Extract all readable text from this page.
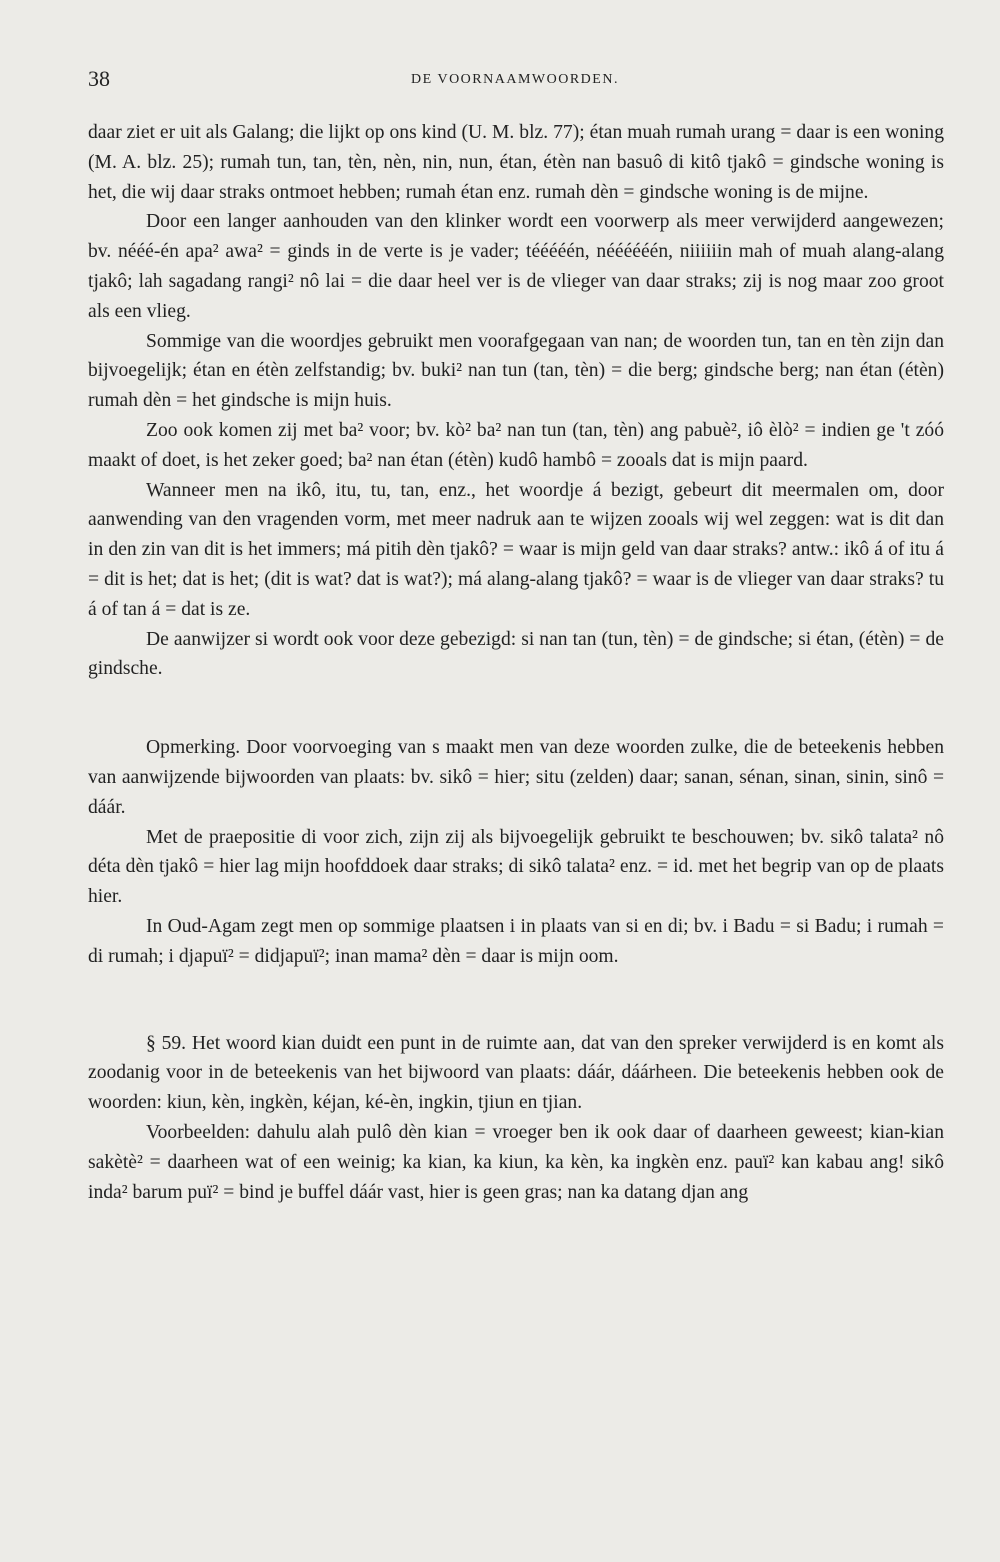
38	DE VOORNAAMWOORDEN.

daar ziet er uit als Galang; die lijkt op ons kind (U. M. blz. 77); étan muah rumah urang = daar is een woning (M. A. blz. 25); rumah tun, tan, tèn, nèn, nin, nun, étan, étèn nan basuô di kitô tjakô = gindsche woning is het, die wij daar straks ontmoet hebben; rumah étan enz. rumah dèn = gindsche woning is de mijne.

Door een langer aanhouden van den klinker wordt een voorwerp als meer verwijderd aangewezen; bv. nééé-én apa² awa² = ginds in de verte is je vader; tééééén, néééééén, niiiiiin mah of muah alang-alang tjakô; lah sagadang rangi² nô lai = die daar heel ver is de vlieger van daar straks; zij is nog maar zoo groot als een vlieg.

Sommige van die woordjes gebruikt men voorafgegaan van nan; de woorden tun, tan en tèn zijn dan bijvoegelijk; étan en étèn zelfstandig; bv. buki² nan tun (tan, tèn) = die berg; gindsche berg; nan étan (étèn) rumah dèn = het gindsche is mijn huis.

Zoo ook komen zij met ba² voor; bv. kò² ba² nan tun (tan, tèn) ang pabuè², iô èlò² = indien ge 't zóó maakt of doet, is het zeker goed; ba² nan étan (étèn) kudô hambô = zooals dat is mijn paard.

Wanneer men na ikô, itu, tu, tan, enz., het woordje á bezigt, gebeurt dit meermalen om, door aanwending van den vragenden vorm, met meer nadruk aan te wijzen zooals wij wel zeggen: wat is dit dan in den zin van dit is het immers; má pitih dèn tjakô? = waar is mijn geld van daar straks? antw.: ikô á of itu á = dit is het; dat is het; (dit is wat? dat is wat?); má alang-alang tjakô? = waar is de vlieger van daar straks? tu á of tan á = dat is ze.

De aanwijzer si wordt ook voor deze gebezigd: si nan tan (tun, tèn) = de gindsche; si étan, (étèn) = de gindsche.

Opmerking. Door voorvoeging van s maakt men van deze woorden zulke, die de beteekenis hebben van aanwijzende bijwoorden van plaats: bv. sikô = hier; situ (zelden) daar; sanan, sénan, sinan, sinin, sinô = dáár.

Met de praepositie di voor zich, zijn zij als bijvoegelijk gebruikt te beschouwen; bv. sikô talata² nô déta dèn tjakô = hier lag mijn hoofddoek daar straks; di sikô talata² enz. = id. met het begrip van op de plaats hier.

In Oud-Agam zegt men op sommige plaatsen i in plaats van si en di; bv. i Badu = si Badu; i rumah = di rumah; i djapuï² = didjapuï²; inan mama² dèn = daar is mijn oom.

§ 59. Het woord kian duidt een punt in de ruimte aan, dat van den spreker verwijderd is en komt als zoodanig voor in de beteekenis van het bijwoord van plaats: dáár, dáárheen. Die beteekenis hebben ook de woorden: kiun, kèn, ingkèn, kéjan, ké-èn, ingkin, tjiun en tjian.

Voorbeelden: dahulu alah pulô dèn kian = vroeger ben ik ook daar of daarheen geweest; kian-kian sakètè² = daarheen wat of een weinig; ka kian, ka kiun, ka kèn, ka ingkèn enz. pauï² kan kabau ang! sikô inda² barum puï² = bind je buffel dáár vast, hier is geen gras; nan ka datang djan ang
